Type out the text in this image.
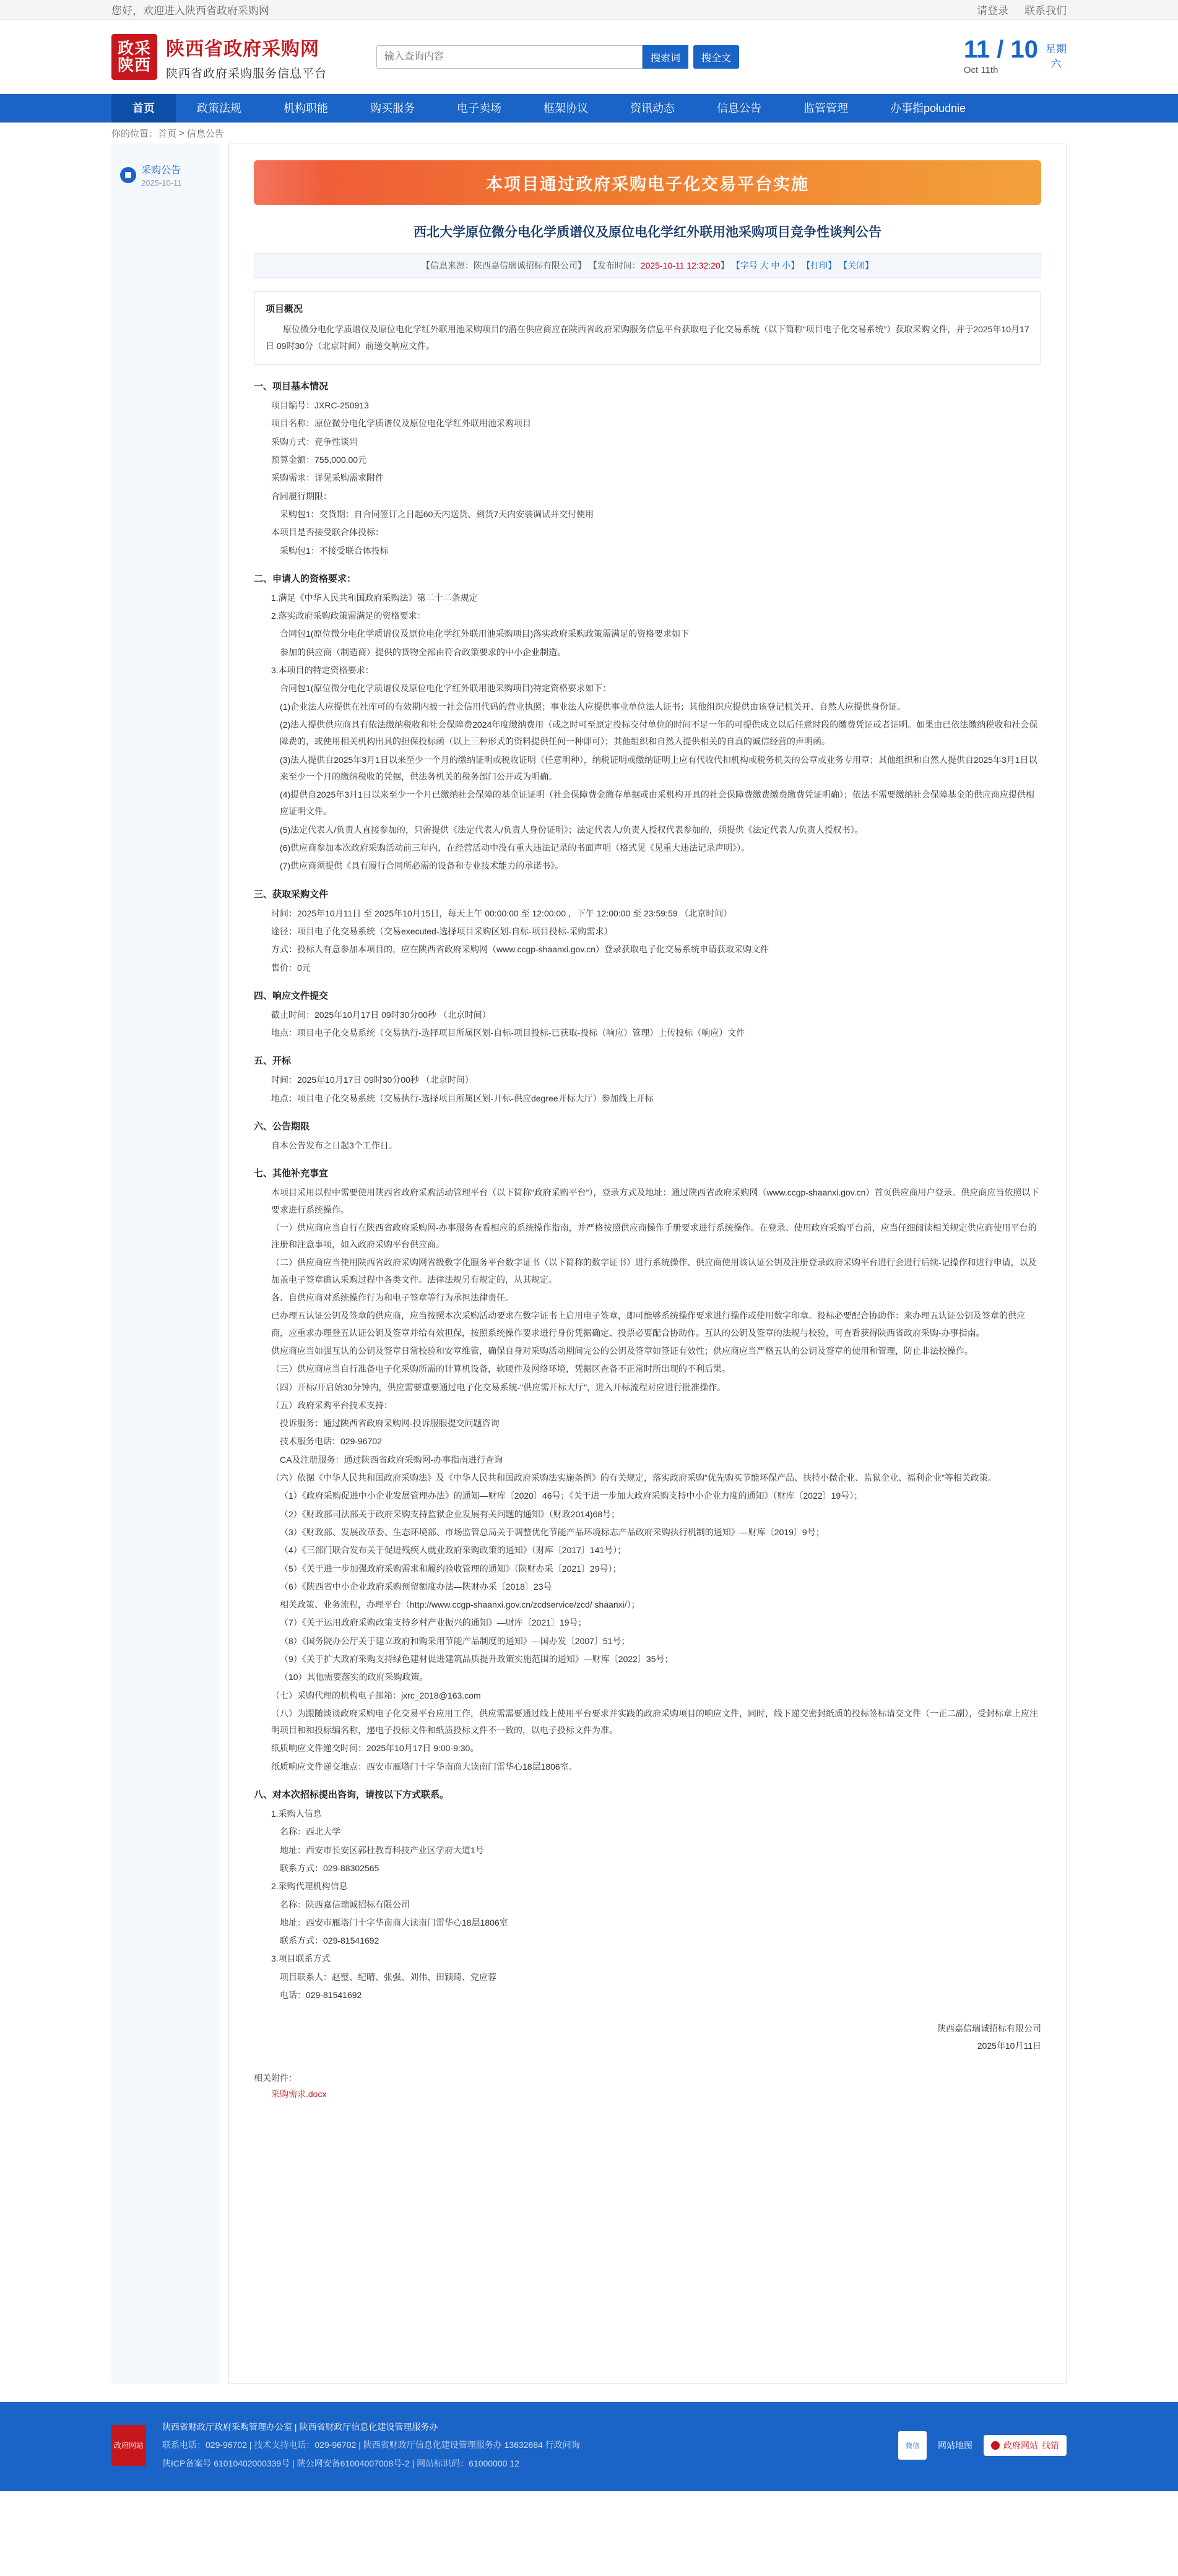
您好，欢迎进入陕西省政府采购网	请登录 联系我们
政采
陕西
陕西省政府采购网
陕西省政府采购服务信息平台
输入查询内容
搜索词	搜全文	11 / 10
Oct 11th
星期
六
首页	政策法规	机构职能	购买服务	电子卖场	框架协议	资讯动态	信息公告	监管管理	办事指południe
你的位置： 首页 > 信息公告
采购公告
2025-10-11	本项目通过政府采购电子化交易平台实施
西北大学原位微分电化学质谱仪及原位电化学红外联用池采购项目竞争性谈判公告
【信息来源：陕西嘉信瑞诚招标有限公司】 【发布时间：2025-10-11 12:32:20】 【字号 大 中 小】 【打印】 【关闭】
项目概况

原位微分电化学质谱仪及原位电化学红外联用池采购项目的潜在供应商应在陕西省政府采购服务信息平台获取电子化交易系统（以下简称“项目电子化交易系统”）获取采购文件，并于2025年10月17日 09时30分（北京时间）前递交响应文件。

一、项目基本情况

项目编号：JXRC-250913

项目名称：原位微分电化学质谱仪及原位电化学红外联用池采购项目

采购方式：竞争性谈判

预算金额：755,000.00元

采购需求：详见采购需求附件

合同履行期限：

采购包1：交货期：自合同签订之日起60天内送货、到货7天内安装调试并交付使用

本项目是否接受联合体投标：

采购包1：不接受联合体投标

二、申请人的资格要求：

1.满足《中华人民共和国政府采购法》第二十二条规定

2.落实政府采购政策需满足的资格要求：

合同包1(原位微分电化学质谱仪及原位电化学红外联用池采购项目)落实政府采购政策需满足的资格要求如下

参加的供应商（制造商）提供的货物全部由符合政策要求的中小企业制造。

3.本项目的特定资格要求：

合同包1(原位微分电化学质谱仪及原位电化学红外联用池采购项目)特定资格要求如下：

(1)企业法人应提供在社库可的有效期内被一社会信用代码的营业执照；事业法人应提供事业单位法人证书；其他组织应提供由该登记机关开、自然人应提供身份证。

(2)法人提供供应商具有依法缴纳税收和社会保障费2024年度缴纳费用（或之时可至原定投标交付单位的时间不足一年的可提供成立以后任意时段的缴费凭证或者证明。如果由已依法缴纳税收和社会保障费的，或使用相关机构出具的担保投标函（以上三种形式的资料提供任何一种即可）；其他组织和自然人提供相关的自真的诚信经营的声明函。

(3)法人提供自2025年3月1日以来至少一个月的缴纳证明或税收证明（任意明种），纳税证明或缴纳证明上应有代收代扣机构或税务机关的公章或业务专用章；其他组织和自然人提供自2025年3月1日以来至少一个月的缴纳税收的凭据，供法务机关的税务部门公开或为明确。

(4)提供自2025年3月1日以来至少一个月已缴纳社会保障的基金证证明（社会保障费金缴存单据或由采机构开具的社会保障费缴费缴费缴费凭证明确）；依法不需要缴纳社会保障基金的供应商应提供相应证明文件。

(5)法定代表人/负责人直接参加的，只需提供《法定代表人/负责人身份证明》；法定代表人/负责人授权代表参加的，须提供《法定代表人/负责人授权书》。

(6)供应商参加本次政府采购活动前三年内，在经营活动中没有重大违法记录的书面声明（格式见《见重大违法记录声明》）。

(7)供应商须提供《具有履行合同所必需的设备和专业技术能力的承诺书》。

三、获取采购文件

时间：2025年10月11日 至 2025年10月15日，每天上午 00:00:00 至 12:00:00 ，下午 12:00:00 至 23:59:59 （北京时间）

途径：项目电子化交易系统（交易executed-选择项目采购区划-自标-项目投标-采购需求）

方式：投标人有意参加本项目的，应在陕西省政府采购网（www.ccgp-shaanxi.gov.cn）登录获取电子化交易系统申请获取采购文件

售价：0元

四、响应文件提交

截止时间：2025年10月17日 09时30分00秒 （北京时间）

地点：项目电子化交易系统（交易执行-选择项目所属区划-自标-项目投标-已获取-投标（响应）管理）上传投标（响应）文件

五、开标

时间：2025年10月17日 09时30分00秒 （北京时间）

地点：项目电子化交易系统（交易执行-选择项目所属区划-开标-供应degree开标大厅）参加线上开标

六、公告期限

自本公告发布之日起3个工作日。

七、其他补充事宜

本项目采用以程中需要使用陕西省政府采购活动管理平台（以下简称“政府采购平台”），登录方式及地址：通过陕西省政府采购网（www.ccgp-shaanxi.gov.cn）首页供应商用户登录。供应商应当依照以下要求进行系统操作。

（一）供应商应当自行在陕西省政府采购网-办事服务查看相应的系统操作指南，并严格按照供应商操作手册要求进行系统操作。在登录、使用政府采购平台前，应当仔细阅读相关规定供应商使用平台的注册和注意事项，如入政府采购平台供应商。

（二）供应商应当使用陕西省政府采购网省级数字化服务平台数字证书（以下简称的数字证书）进行系统操作、供应商使用该认证公钥及注册登录政府采购平台进行会进行后续-记操作和进行申请，以及加盖电子签章确认采购过程中各类文件。法律法规另有规定的，从其规定。

各、自供应商对系统操作行为和电子签章等行为承担法律责任。

已办理五认证公钥及签章的供应商，应当按照本次采购活动要求在数字证书上启用电子签章，即可能够系统操作要求进行操作或使用数字印章。投标必要配合协助作：来办理五认证公钥及签章的供应商，应重求办理登五认证公钥及签章并给有效担保，按照系统操作要求进行身份凭据确定、投票必要配合协助作。互认的公钥及签章的法规与校验，可查看获得陕西省政府采购-办事指南。

供应商应当如强互认的公钥及签章日常校验和安章维管，确保自身对采购活动期间完公的公钥及签章如签证有效性；供应商应当严格五认的公钥及签章的使用和管理，防止非法校操作。

（三）供应商应当自行准备电子化采购所需的计算机设备，软硬件及网络环境，凭据区查备不正常时所出现的不利后果。

（四）开标/开启始30分钟内，供应需要重要通过电子化交易系统-"供应需开标大厅"，进入开标流程对应进行批准操作。

（五）政府采购平台技术支持：

投诉服务：通过陕西省政府采购网-投诉服服提交问题咨询

技术服务电话：029-96702

CA及注册服务：通过陕西省政府采购网-办事指南进行查询

（六）依据《中华人民共和国政府采购法》及《中华人民共和国政府采购法实施条例》的有关规定，落实政府采购"优先购买节能环保产品、扶持小微企业、监狱企业、福利企业"等相关政策。

（1）《政府采购促进中小企业发展管理办法》的通知—财库〔2020〕46号；《关于进一步加大政府采购支持中小企业力度的通知》（财库〔2022〕19号）；

（2）《财政部司法部关于政府采购支持监狱企业发展有关问题的通知》（财政2014)68号；

（3）《财政部、发展改革委、生态环境部、市场监管总局关于调整优化节能产品环境标志产品政府采购执行机制的通知》—财库〔2019〕9号；

（4）《三部门联合发布关于促进残疾人就业政府采购政策的通知》（财库〔2017〕141号）；

（5）《关于进一步加强政府采购需求和履约验收管理的通知》（陕财办采〔2021〕29号）；

（6）《陕西省中小企业政府采购预留额度办法—陕财办采〔2018〕23号

相关政策、业务流程，办理平台（http://www.ccgp-shaanxi.gov.cn/zcdservice/zcd/ shaanxi/）；

（7）《关于运用政府采购政策支持乡村产业振兴的通知》—财库〔2021〕19号；

（8）《国务院办公厅关于建立政府和购采用节能产品制度的通知》—国办发〔2007〕51号；

（9）《关于扩大政府采购支持绿色建材促进建筑品质提升政策实施范围的通知》—财库〔2022〕35号；

（10）其他需要落实的政府采购政策。

（七）采购代理的机构电子邮箱：jxrc_2018@163.com

（八）为跟随谈谈政府采购电子化交易平台应用工作，供应需需要通过线上使用平台要求并实践的政府采购项目的响应文件，同时，线下递交密封纸质的投标签标请交文件（一正二副），受封标章上应注明项目和和投标编名称，递电子投标文件和纸质投标文件不一致的，以电子投标文件为准。

纸质响应文件递交时间：2025年10月17日 9:00-9:30。

纸质响应文件递交地点：西安市雁塔门十字华南商大读南门雷华心18层1806室。

八、对本次招标提出咨询，请按以下方式联系。

1.采购人信息

名称：西北大学

地址：西安市长安区郭杜教育科技产业区学府大道1号

联系方式：029-88302565

2.采购代理机构信息

名称：陕西嘉信瑞诚招标有限公司

地址：西安市雁塔门十字华南商大读南门雷华心18层1806室

联系方式：029-81541692

3.项目联系方式

项目联系人：赵璧、纪晴、张强、刘伟、田颖琦、党应蓉

电话：029-81541692

陕西嘉信瑞诚招标有限公司
2025年10月11日
相关附件：
采购需求.docx
政府网站
陕西省财政厅政府采购管理办公室 | 陕西省财政厅信息化建设管理服务办
联系电话：029-96702 | 技术支持电话：029-96702 | 陕西省财政厅信息化建设管理服务办 13632684 行政问询
陕ICP备案号 61010402000339号 | 陕公网安备61004007008号-2 | 网站标识码：61000000 12
微信	网站地图	政府网站 找错
